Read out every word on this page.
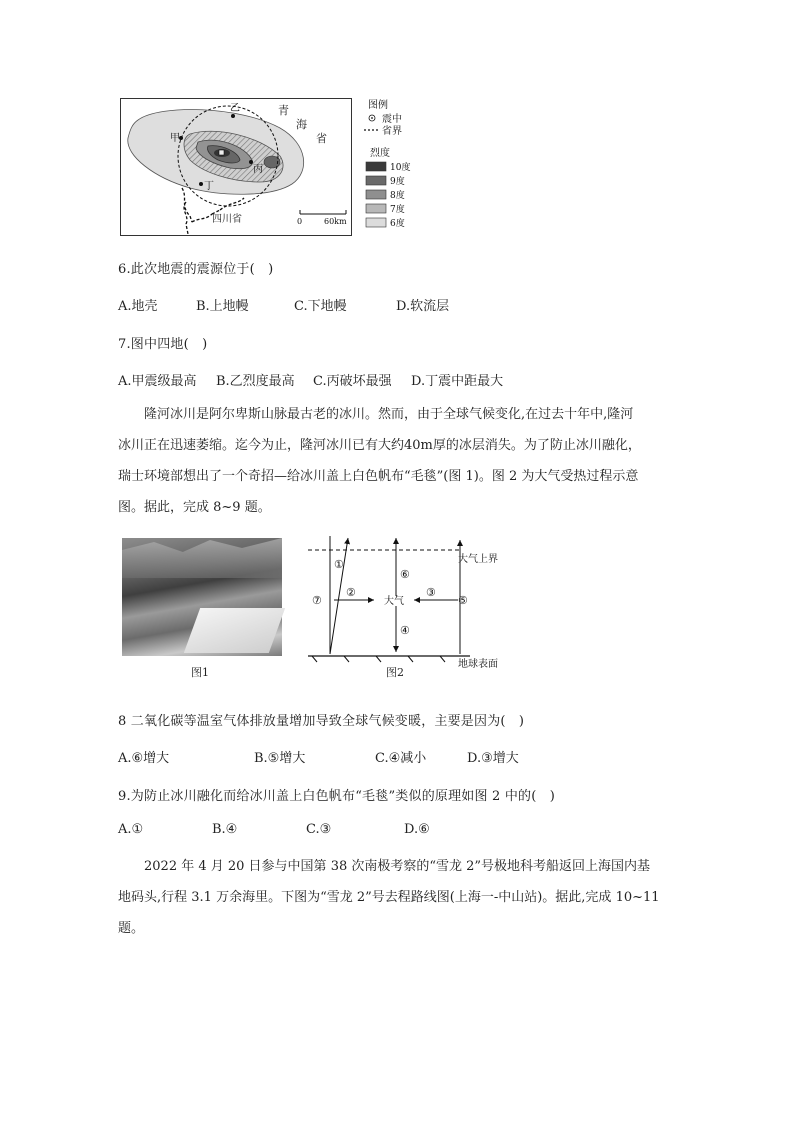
甲
乙
丙
丁
青
海
省
四川省	0	60km
图例
震中
省界
烈度
10度
9度
8度
7度
6度
6.此次地震的震源位于(　)
A.地壳	B.上地幔	C.下地幔	D.软流层
7.图中四地(　)
A.甲震级最高 B.乙烈度最高 C.丙破坏最强 D.丁震中距最大
隆河冰川是阿尔卑斯山脉最古老的冰川。然而，由于全球气候变化,在过去十年中,隆河
冰川正在迅速萎缩。迄今为止，隆河冰川已有大约40m厚的冰层消失。为了防止冰川融化，
瑞士环境部想出了一个奇招—给冰川盖上白色帆布“毛毯”(图 1)。图 2 为大气受热过程示意
图。据此，完成 8~9 题。
图1
大气上界
地球表面
大气
①
②	③
④
⑤
⑥
⑦
图2
8 二氧化碳等温室气体排放量增加导致全球气候变暖，主要是因为(　)
A.⑥增大	B.⑤增大	C.④减小	D.③增大
9.为防止冰川融化而给冰川盖上白色帆布“毛毯”类似的原理如图 2 中的(　)
A.①	B.④	C.③	D.⑥
2022 年 4 月 20 日参与中国第 38 次南极考察的“雪龙 2”号极地科考船返回上海国内基
地码头,行程 3.1 万余海里。下图为“雪龙 2”号去程路线图(上海一-中山站)。据此,完成 10~11
题。
